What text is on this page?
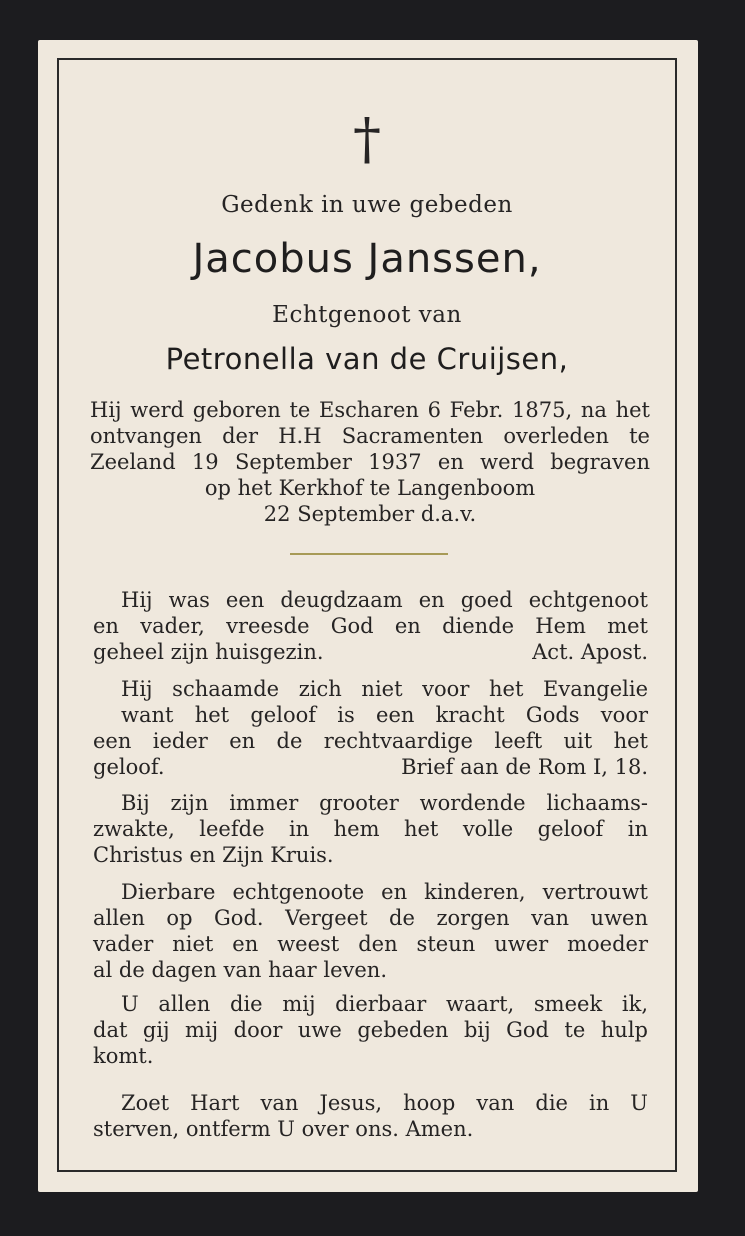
†
Gedenk in uwe gebeden
Jacobus Janssen,
Echtgenoot van
Petronella van de Cruijsen,
Hij werd geboren te Escharen 6 Febr. 1875, na het
ontvangen der H.H Sacramenten overleden te
Zeeland 19 September 1937 en werd begraven
op het Kerkhof te Langenboom
22 September d.a.v.
Hij was een deugdzaam en goed echtgenoot
en vader, vreesde God en diende Hem met
geheel zijn huisgezin.	Act. Apost.
Hij schaamde zich niet voor het Evangelie
want het geloof is een kracht Gods voor
een ieder en de rechtvaardige leeft uit het
geloof.	Brief aan de Rom I, 18.
Bij zijn immer grooter wordende lichaams-
zwakte, leefde in hem het volle geloof in
Christus en Zijn Kruis.
Dierbare echtgenoote en kinderen, vertrouwt
allen op God. Vergeet de zorgen van uwen
vader niet en weest den steun uwer moeder
al de dagen van haar leven.
U allen die mij dierbaar waart, smeek ik,
dat gij mij door uwe gebeden bij God te hulp
komt.
Zoet Hart van Jesus, hoop van die in U
sterven, ontferm U over ons. Amen.
